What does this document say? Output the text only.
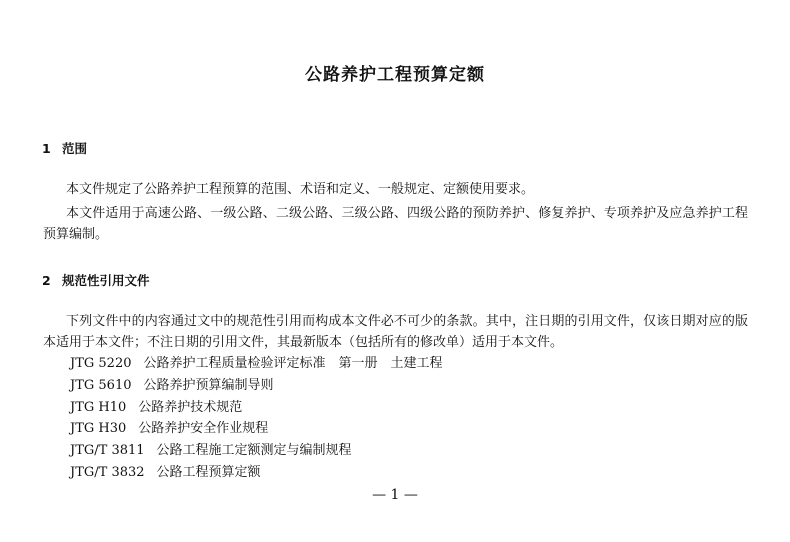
公路养护工程预算定额
1 范围
本文件规定了公路养护工程预算的范围、术语和定义、一般规定、定额使用要求。
本文件适用于高速公路、一级公路、二级公路、三级公路、四级公路的预防养护、修复养护、专项养护及应急养护工程预算编制。
2 规范性引用文件
下列文件中的内容通过文中的规范性引用而构成本文件必不可少的条款。其中，注日期的引用文件，仅该日期对应的版本适用于本文件；不注日期的引用文件，其最新版本（包括所有的修改单）适用于本文件。
JTG 5220 公路养护工程质量检验评定标准　第一册　土建工程
JTG 5610 公路养护预算编制导则
JTG H10 公路养护技术规范
JTG H30 公路养护安全作业规程
JTG/T 3811 公路工程施工定额测定与编制规程
JTG/T 3832 公路工程预算定额
— 1 —
